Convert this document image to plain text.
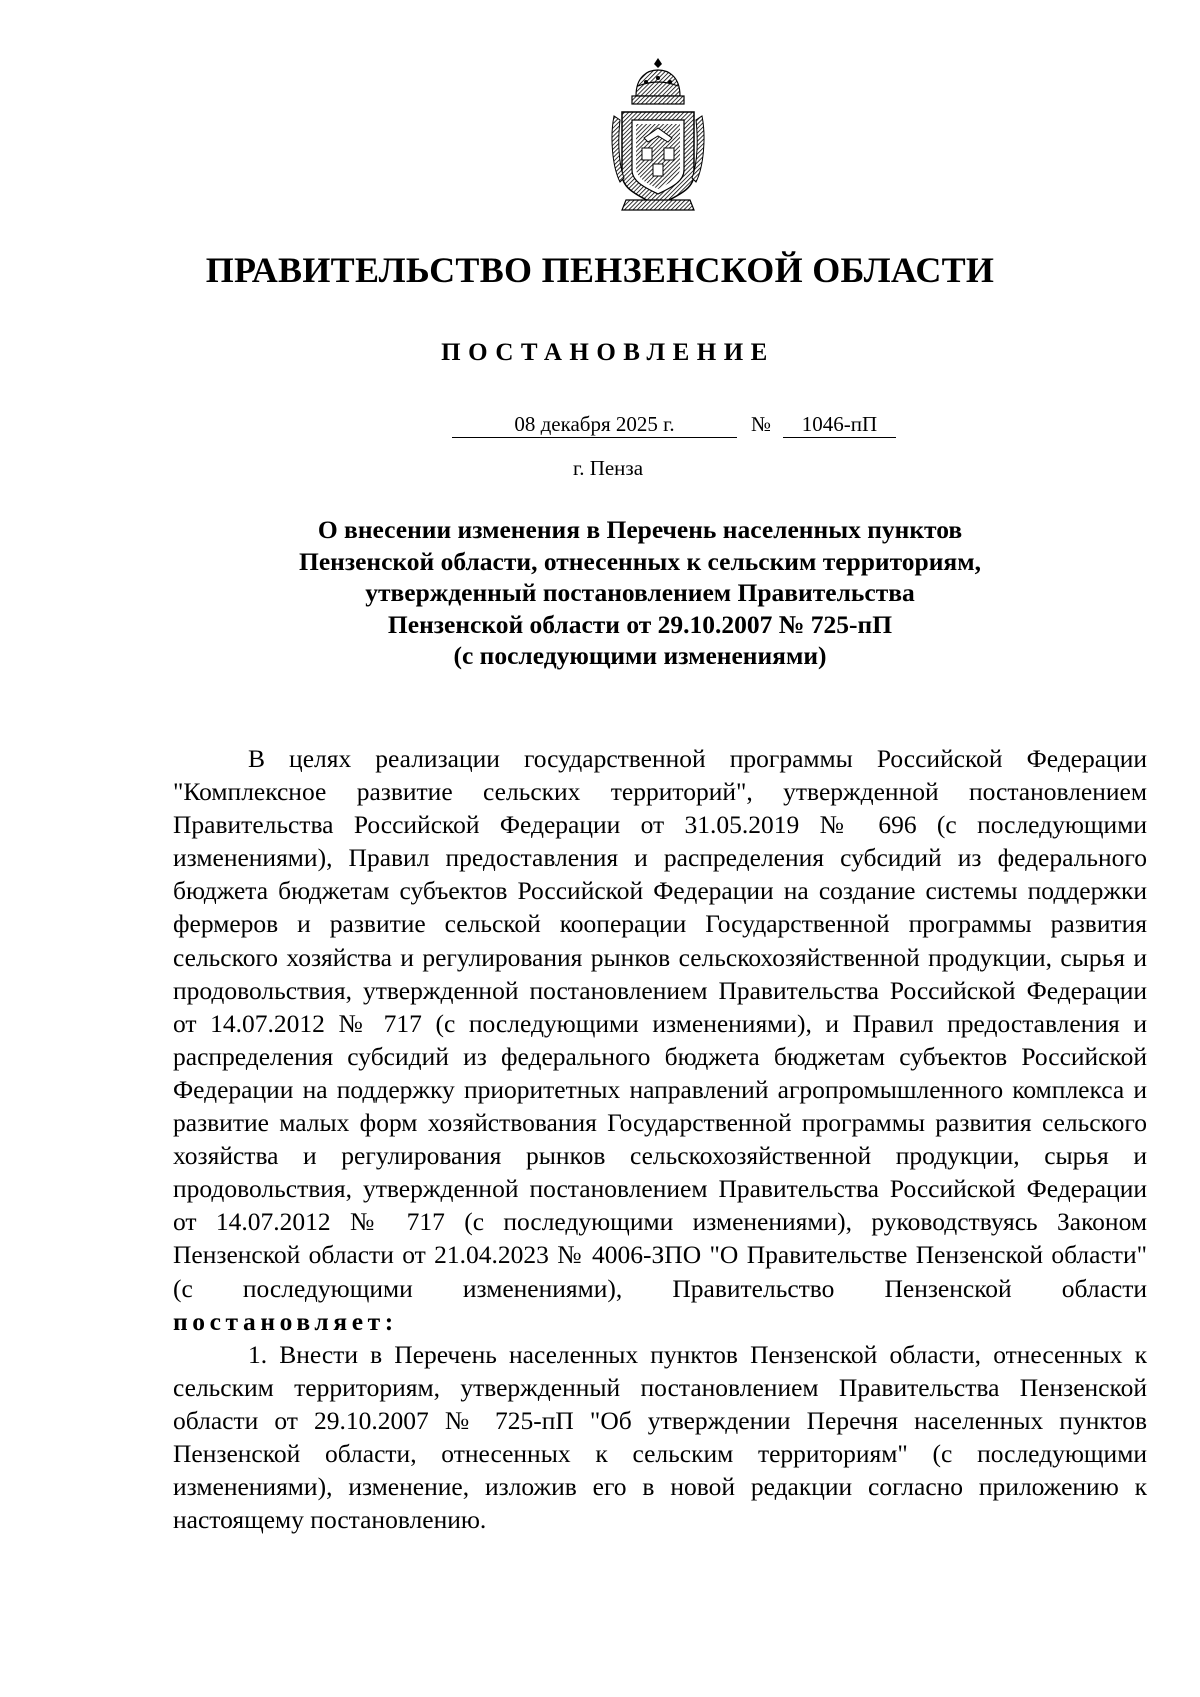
ПРАВИТЕЛЬСТВО ПЕНЗЕНСКОЙ ОБЛАСТИ
ПОСТАНОВЛЕНИЕ
08 декабря 2025 г.	№	1046-пП
г. Пенза
О внесении изменения в Перечень населенных пунктов
Пензенской области, отнесенных к сельским территориям,
утвержденный постановлением Правительства
Пензенской области от 29.10.2007 № 725-пП
(с последующими изменениями)

В целях реализации государственной программы Российской Федерации "Комплексное развитие сельских территорий", утвержденной постановлением Правительства Российской Федерации от 31.05.2019 № 696 (с последующими изменениями), Правил предоставления и распределения субсидий из федерального бюджета бюджетам субъектов Российской Федерации на создание системы поддержки фермеров и развитие сельской кооперации Государственной программы развития сельского хозяйства и регулирования рынков сельскохозяйственной продукции, сырья и продовольствия, утвержденной постановлением Правительства Российской Федерации от 14.07.2012 № 717 (с последующими изменениями), и Правил предоставления и распределения субсидий из федерального бюджета бюджетам субъектов Российской Федерации на поддержку приоритетных направлений агропромышленного комплекса и развитие малых форм хозяйствования Государственной программы развития сельского хозяйства и регулирования рынков сельскохозяйственной продукции, сырья и продовольствия, утвержденной постановлением Правительства Российской Федерации от 14.07.2012 № 717 (с последующими изменениями), руководствуясь Законом Пензенской области от 21.04.2023 № 4006-ЗПО "О Правительстве Пензенской области" (с последующими изменениями), Правительство Пензенской области постановляет:

1. Внести в Перечень населенных пунктов Пензенской области, отнесенных к сельским территориям, утвержденный постановлением Правительства Пензенской области от 29.10.2007 № 725-пП "Об утверждении Перечня населенных пунктов Пензенской области, отнесенных к сельским территориям" (с последующими изменениями), изменение, изложив его в новой редакции согласно приложению к настоящему постановлению.
